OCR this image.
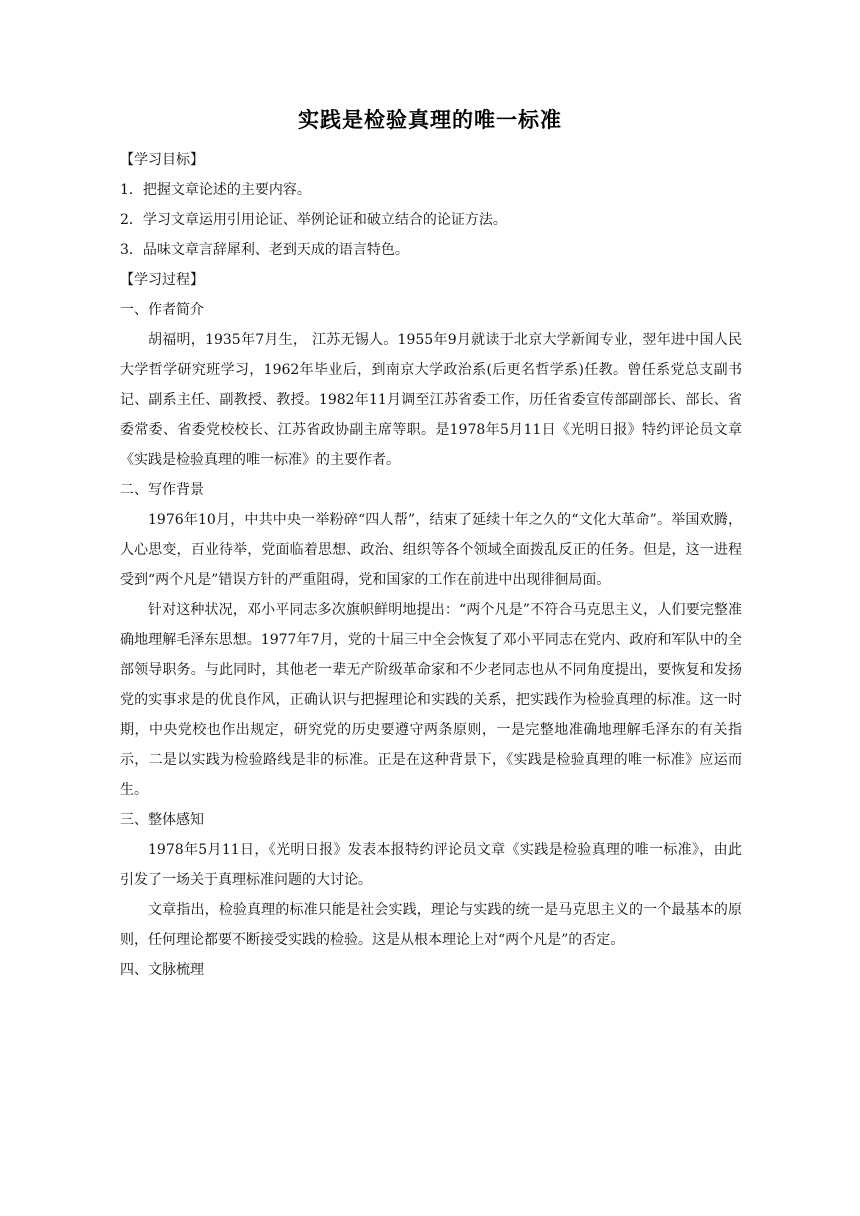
实践是检验真理的唯一标准
【学习目标】
1．把握文章论述的主要内容。
2．学习文章运用引用论证、举例论证和破立结合的论证方法。
3．品味文章言辞犀利、老到天成的语言特色。
【学习过程】
一、作者简介

胡福明，1935年7月生， 江苏无锡人。1955年9月就读于北京大学新闻专业，翌年进中国人民大学哲学研究班学习，1962年毕业后，到南京大学政治系(后更名哲学系)任教。曾任系党总支副书记、副系主任、副教授、教授。1982年11月调至江苏省委工作，历任省委宣传部副部长、部长、省委常委、省委党校校长、江苏省政协副主席等职。是1978年5月11日《光明日报》特约评论员文章《实践是检验真理的唯一标准》的主要作者。

二、写作背景

1976年10月，中共中央一举粉碎“四人帮”，结束了延续十年之久的“文化大革命”。举国欢腾，人心思变，百业待举，党面临着思想、政治、组织等各个领域全面拨乱反正的任务。但是，这一进程受到“两个凡是”错误方针的严重阻碍，党和国家的工作在前进中出现徘徊局面。

针对这种状况，邓小平同志多次旗帜鲜明地提出：“两个凡是”不符合马克思主义，人们要完整准确地理解毛泽东思想。1977年7月，党的十届三中全会恢复了邓小平同志在党内、政府和军队中的全部领导职务。与此同时，其他老一辈无产阶级革命家和不少老同志也从不同角度提出，要恢复和发扬党的实事求是的优良作风，正确认识与把握理论和实践的关系，把实践作为检验真理的标准。这一时期，中央党校也作出规定，研究党的历史要遵守两条原则，一是完整地准确地理解毛泽东的有关指示，二是以实践为检验路线是非的标准。正是在这种背景下，《实践是检验真理的唯一标准》应运而生。

三、整体感知

1978年5月11日，《光明日报》发表本报特约评论员文章《实践是检验真理的唯一标准》，由此引发了一场关于真理标准问题的大讨论。

文章指出，检验真理的标准只能是社会实践，理论与实践的统一是马克思主义的一个最基本的原则，任何理论都要不断接受实践的检验。这是从根本理论上对“两个凡是”的否定。

四、文脉梳理
